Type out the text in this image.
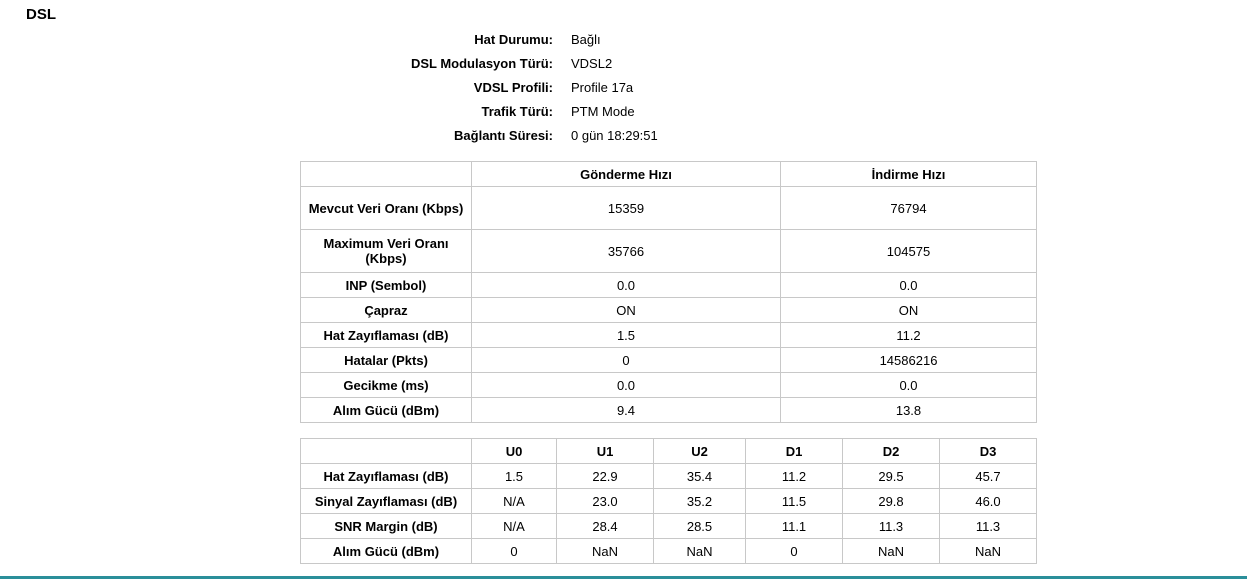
DSL
Hat Durumu: Bağlı
DSL Modulasyon Türü: VDSL2
VDSL Profili: Profile 17a
Trafik Türü: PTM Mode
Bağlantı Süresi: 0 gün 18:29:51
	Gönderme Hızı	İndirme Hızı
Mevcut Veri Oranı (Kbps)	15359	76794
Maximum Veri Oranı (Kbps)	35766	104575
INP (Sembol)	0.0	0.0
Çapraz	ON	ON
Hat Zayıflaması (dB)	1.5	11.2
Hatalar (Pkts)	0	14586216
Gecikme (ms)	0.0	0.0
Alım Gücü (dBm)	9.4	13.8
	U0	U1	U2	D1	D2	D3
Hat Zayıflaması (dB)	1.5	22.9	35.4	11.2	29.5	45.7
Sinyal Zayıflaması (dB)	N/A	23.0	35.2	11.5	29.8	46.0
SNR Margin (dB)	N/A	28.4	28.5	11.1	11.3	11.3
Alım Gücü (dBm)	0	NaN	NaN	0	NaN	NaN
